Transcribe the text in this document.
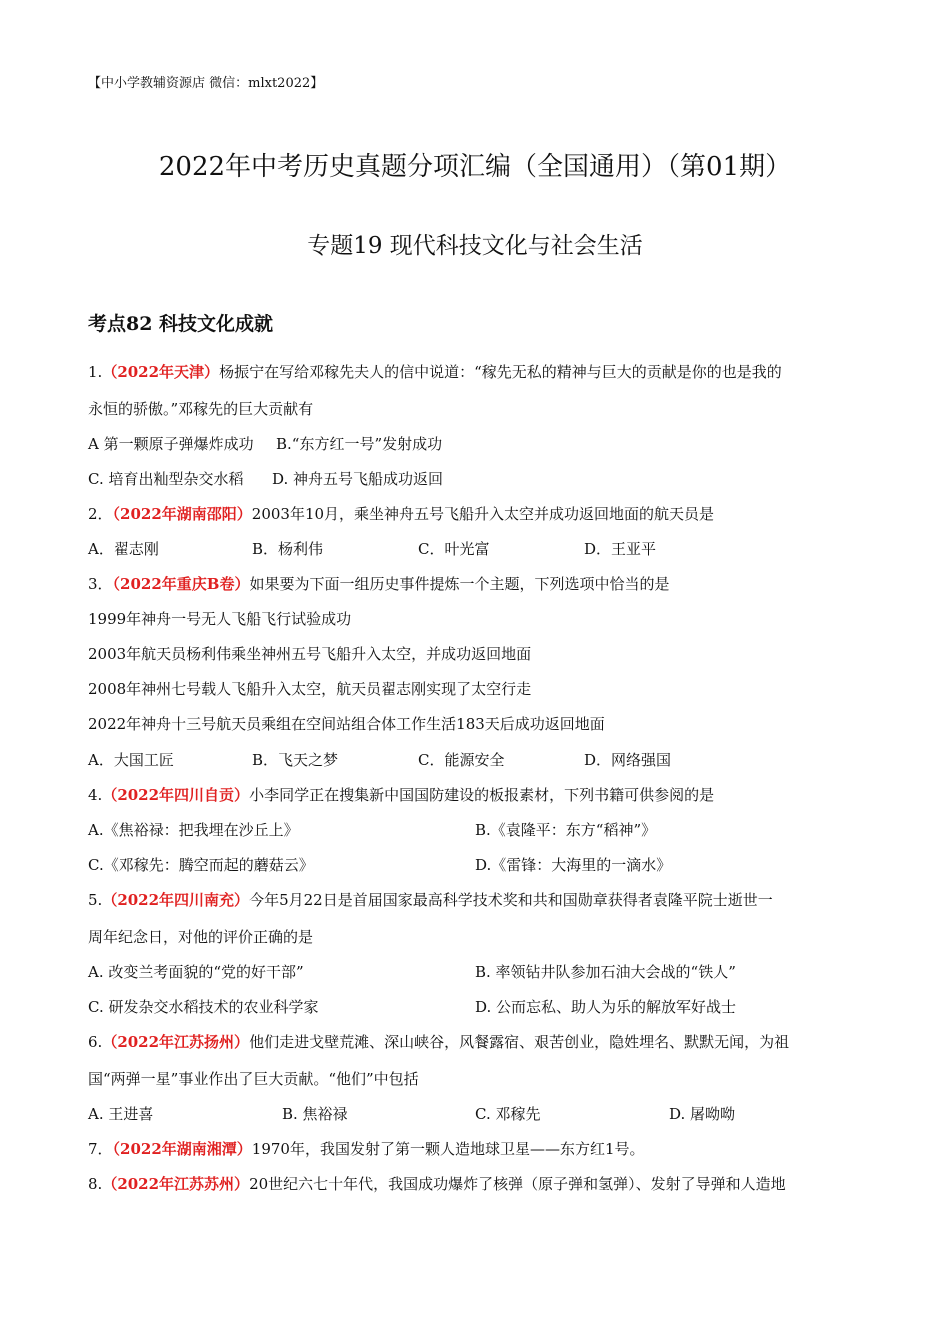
【中小学教辅资源店 微信：mlxt2022】
2022年中考历史真题分项汇编（全国通用）（第01期）
专题19 现代科技文化与社会生活
考点82 科技文化成就
1.（2022年天津）杨振宁在写给邓稼先夫人的信中说道：“稼先无私的精神与巨大的贡献是你的也是我的
永恒的骄傲。”邓稼先的巨大贡献有
A 第一颗原子弹爆炸成功 B.“东方红一号”发射成功
C. 培育出籼型杂交水稻 D. 神舟五号飞船成功返回
2．（2022年湖南邵阳）2003年10月，乘坐神舟五号飞船升入太空并成功返回地面的航天员是
A．翟志刚	B．杨利伟	C．叶光富	D．王亚平
3．（2022年重庆B卷）如果要为下面一组历史事件提炼一个主题，下列选项中恰当的是
1999年神舟一号无人飞船飞行试验成功
2003年航天员杨利伟乘坐神州五号飞船升入太空，并成功返回地面
2008年神州七号载人飞船升入太空，航天员翟志刚实现了太空行走
2022年神舟十三号航天员乘组在空间站组合体工作生活183天后成功返回地面
A．大国工匠	B．飞天之梦	C．能源安全	D．网络强国
4.（2022年四川自贡）小李同学正在搜集新中国国防建设的板报素材，下列书籍可供参阅的是
A.《焦裕禄：把我埋在沙丘上》	B.《袁隆平：东方“稻神”》
C.《邓稼先：腾空而起的蘑菇云》	D.《雷锋：大海里的一滴水》
5.（2022年四川南充）今年5月22日是首届国家最高科学技术奖和共和国勋章获得者袁隆平院士逝世一
周年纪念日，对他的评价正确的是
A. 改变兰考面貌的“党的好干部”	B. 率领钻井队参加石油大会战的“铁人”
C. 研发杂交水稻技术的农业科学家	D. 公而忘私、助人为乐的解放军好战士
6.（2022年江苏扬州）他们走进戈壁荒滩、深山峡谷，风餐露宿、艰苦创业，隐姓埋名、默默无闻，为祖
国“两弹一星”事业作出了巨大贡献。“他们”中包括
A. 王进喜	B. 焦裕禄	C. 邓稼先	D. 屠呦呦
7．（2022年湖南湘潭）1970年，我国发射了第一颗人造地球卫星——东方红1号。
8.（2022年江苏苏州）20世纪六七十年代，我国成功爆炸了核弹（原子弹和氢弹）、发射了导弹和人造地
